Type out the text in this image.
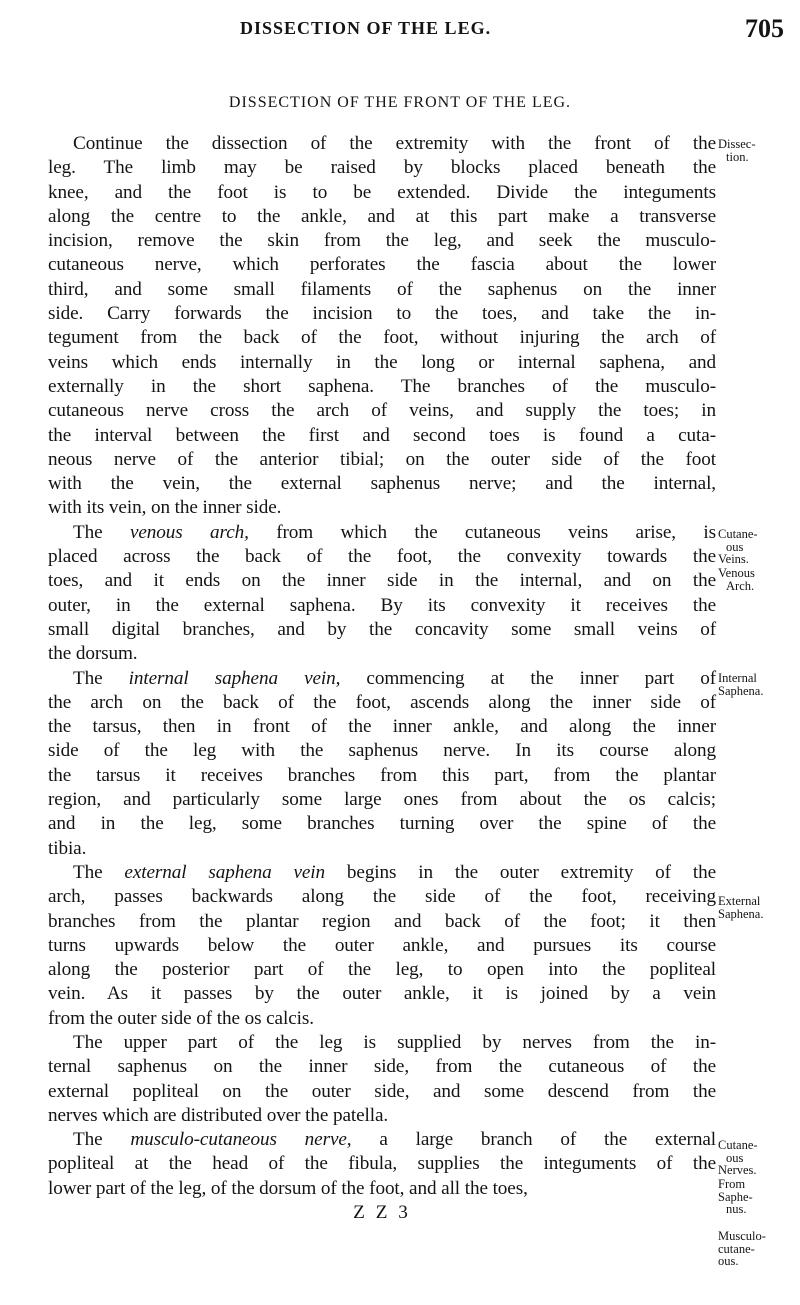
DISSECTION OF THE LEG.	705
DISSECTION OF THE FRONT OF THE LEG.
Continue the dissection of the extremity with the front of the
leg. The limb may be raised by blocks placed beneath the
knee, and the foot is to be extended. Divide the integuments
along the centre to the ankle, and at this part make a transverse
incision, remove the skin from the leg, and seek the musculo-
cutaneous nerve, which perforates the fascia about the lower
third, and some small filaments of the saphenus on the inner
side. Carry forwards the incision to the toes, and take the in-
tegument from the back of the foot, without injuring the arch of
veins which ends internally in the long or internal saphena, and
externally in the short saphena. The branches of the musculo-
cutaneous nerve cross the arch of veins, and supply the toes; in
the interval between the first and second toes is found a cuta-
neous nerve of the anterior tibial; on the outer side of the foot
with the vein, the external saphenus nerve; and the internal,
with its vein, on the inner side.
The venous arch, from which the cutaneous veins arise, is
placed across the back of the foot, the convexity towards the
toes, and it ends on the inner side in the internal, and on the
outer, in the external saphena. By its convexity it receives the
small digital branches, and by the concavity some small veins of
the dorsum.
The internal saphena vein, commencing at the inner part of
the arch on the back of the foot, ascends along the inner side of
the tarsus, then in front of the inner ankle, and along the inner
side of the leg with the saphenus nerve. In its course along
the tarsus it receives branches from this part, from the plantar
region, and particularly some large ones from about the os calcis;
and in the leg, some branches turning over the spine of the
tibia.
The external saphena vein begins in the outer extremity of the
arch, passes backwards along the side of the foot, receiving
branches from the plantar region and back of the foot; it then
turns upwards below the outer ankle, and pursues its course
along the posterior part of the leg, to open into the popliteal
vein. As it passes by the outer ankle, it is joined by a vein
from the outer side of the os calcis.
The upper part of the leg is supplied by nerves from the in-
ternal saphenus on the inner side, from the cutaneous of the
external popliteal on the outer side, and some descend from the
nerves which are distributed over the patella.
The musculo-cutaneous nerve, a large branch of the external
popliteal at the head of the fibula, supplies the integuments of the
lower part of the leg, of the dorsum of the foot, and all the toes,
Z Z 3
Dissec-
tion.
Cutane-
ous
Veins.
Venous
Arch.
Internal
Saphena.
External
Saphena.
Cutane-
ous
Nerves.
From
Saphe-
nus.
Musculo-
cutane-
ous.
